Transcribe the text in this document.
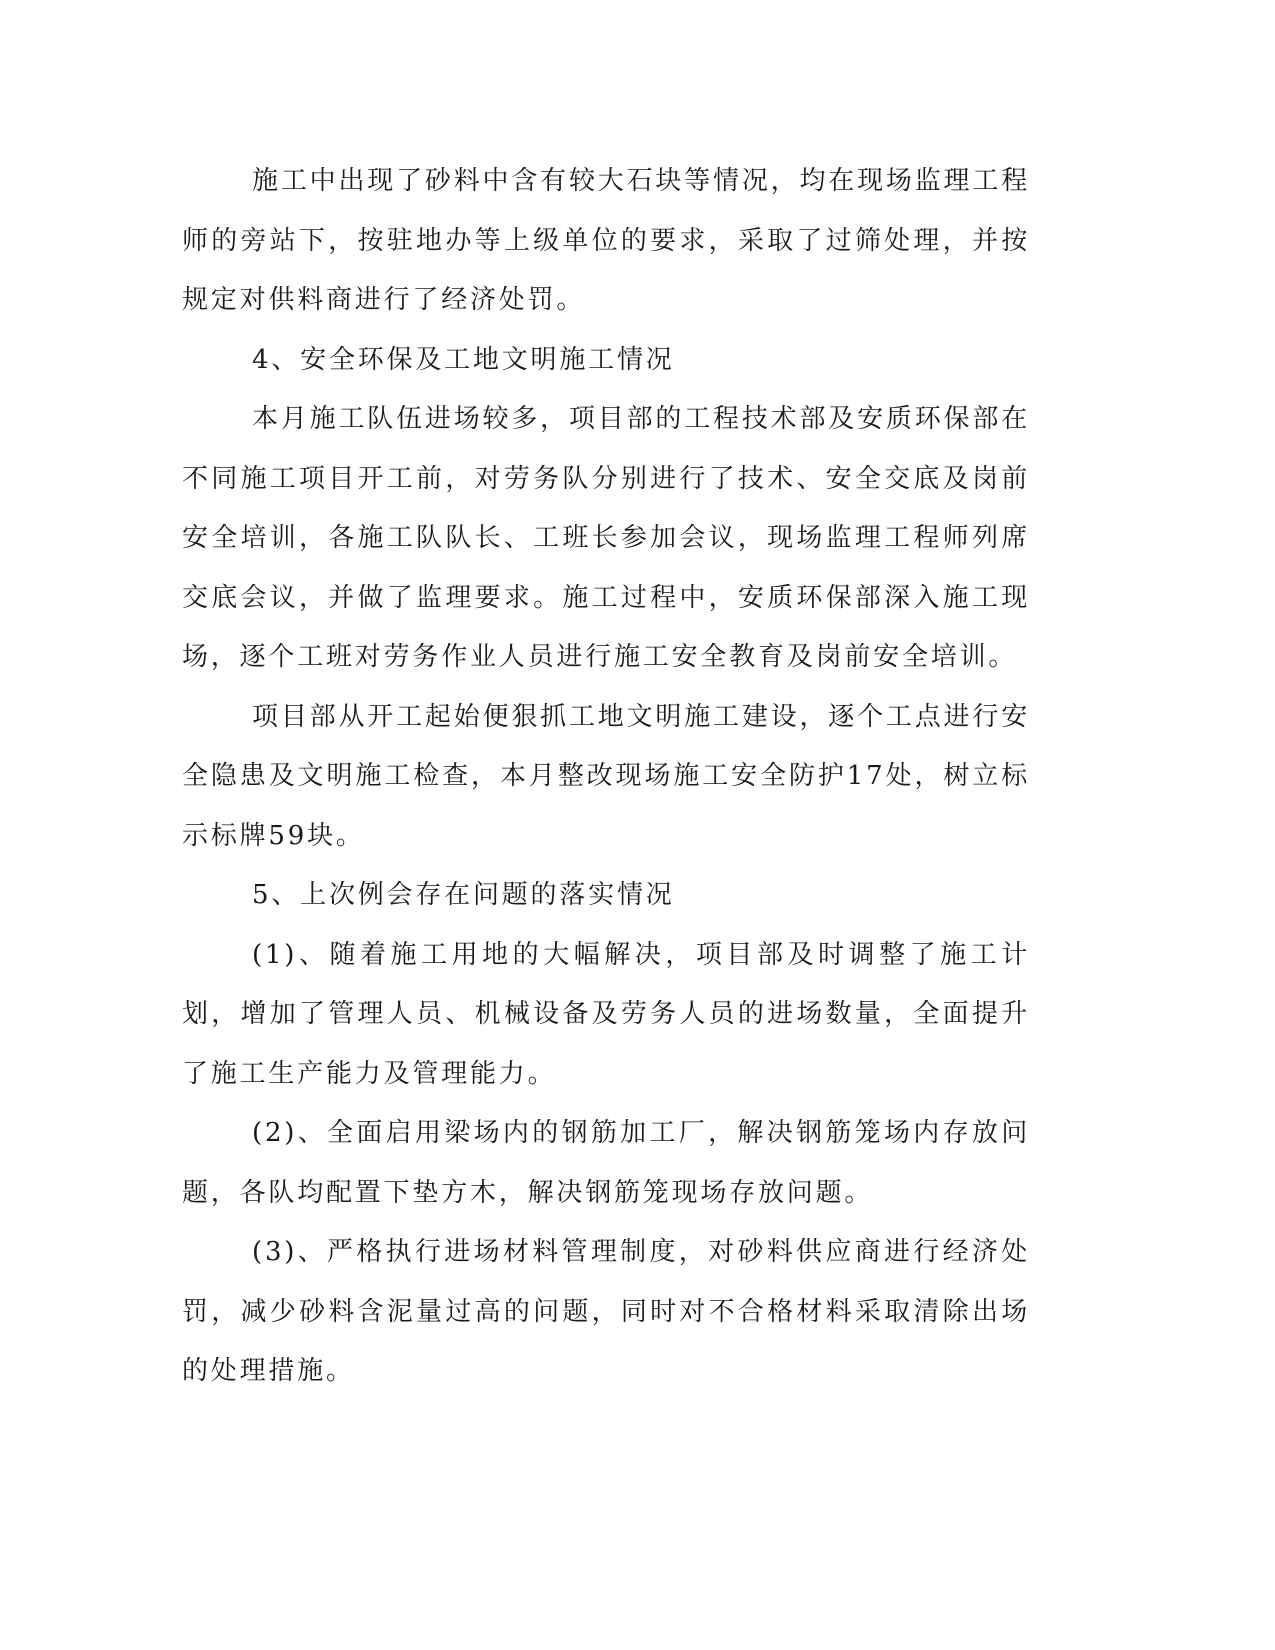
施工中出现了砂料中含有较大石块等情况，均在现场监理工程师的旁站下，按驻地办等上级单位的要求，采取了过筛处理，并按规定对供料商进行了经济处罚。

4、安全环保及工地文明施工情况

本月施工队伍进场较多，项目部的工程技术部及安质环保部在不同施工项目开工前，对劳务队分别进行了技术、安全交底及岗前安全培训，各施工队队长、工班长参加会议，现场监理工程师列席交底会议，并做了监理要求。施工过程中，安质环保部深入施工现场，逐个工班对劳务作业人员进行施工安全教育及岗前安全培训。

项目部从开工起始便狠抓工地文明施工建设，逐个工点进行安全隐患及文明施工检查，本月整改现场施工安全防护17处，树立标示标牌59块。

5、上次例会存在问题的落实情况

(1)、随着施工用地的大幅解决，项目部及时调整了施工计划，增加了管理人员、机械设备及劳务人员的进场数量，全面提升了施工生产能力及管理能力。

(2)、全面启用梁场内的钢筋加工厂，解决钢筋笼场内存放问题，各队均配置下垫方木，解决钢筋笼现场存放问题。

(3)、严格执行进场材料管理制度，对砂料供应商进行经济处罚，减少砂料含泥量过高的问题，同时对不合格材料采取清除出场的处理措施。
